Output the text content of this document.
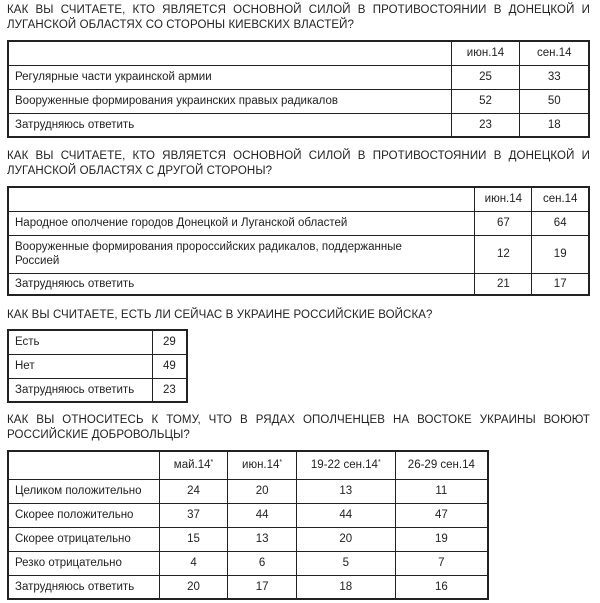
КАК ВЫ СЧИТАЕТЕ, КТО ЯВЛЯЕТСЯ ОСНОВНОЙ СИЛОЙ В ПРОТИВОСТОЯНИИ В ДОНЕЦКОЙ И ЛУГАНСКОЙ ОБЛАСТЯХ СО СТОРОНЫ КИЕВСКИХ ВЛАСТЕЙ?
	июн.14	сен.14
Регулярные части украинской армии	25	33
Вооруженные формирования украинских правых радикалов	52	50
Затрудняюсь ответить	23	18
КАК ВЫ СЧИТАЕТЕ, КТО ЯВЛЯЕТСЯ ОСНОВНОЙ СИЛОЙ В ПРОТИВОСТОЯНИИ В ДОНЕЦКОЙ И ЛУГАНСКОЙ ОБЛАСТЯХ С ДРУГОЙ СТОРОНЫ?
	июн.14	сен.14
Народное ополчение городов Донецкой и Луганской областей	67	64
Вооруженные формирования пророссийских радикалов, поддержанные Россией	12	19
Затрудняюсь ответить	21	17
КАК ВЫ СЧИТАЕТЕ, ЕСТЬ ЛИ СЕЙЧАС В УКРАИНЕ РОССИЙСКИЕ ВОЙСКА?
Есть	29
Нет	49
Затрудняюсь ответить	23
КАК ВЫ ОТНОСИТЕСЬ К ТОМУ, ЧТО В РЯДАХ ОПОЛЧЕНЦЕВ НА ВОСТОКЕ УКРАИНЫ ВОЮЮТ РОССИЙСКИЕ ДОБРОВОЛЬЦЫ?
	май.14*	июн.14*	19-22 сен.14*	26-29 сен.14
Целиком положительно	24	20	13	11
Скорее положительно	37	44	44	47
Скорее отрицательно	15	13	20	19
Резко отрицательно	4	6	5	7
Затрудняюсь ответить	20	17	18	16
